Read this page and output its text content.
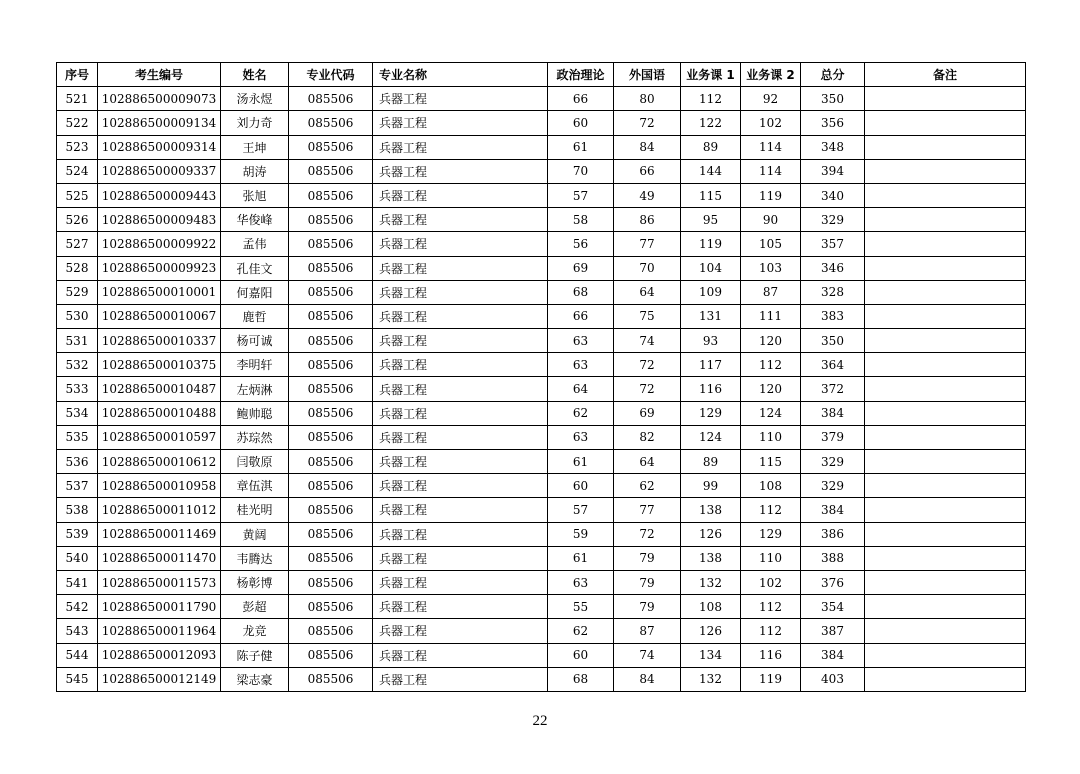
序号	考生编号	姓名	专业代码	专业名称	政治理论	外国语	业务课 1	业务课 2	总分	备注
521	102886500009073	汤永煜	085506	兵器工程	66	80	112	92	350	
522	102886500009134	刘力奇	085506	兵器工程	60	72	122	102	356	
523	102886500009314	王坤	085506	兵器工程	61	84	89	114	348	
524	102886500009337	胡涛	085506	兵器工程	70	66	144	114	394	
525	102886500009443	张旭	085506	兵器工程	57	49	115	119	340	
526	102886500009483	华俊峰	085506	兵器工程	58	86	95	90	329	
527	102886500009922	孟伟	085506	兵器工程	56	77	119	105	357	
528	102886500009923	孔佳文	085506	兵器工程	69	70	104	103	346	
529	102886500010001	何嘉阳	085506	兵器工程	68	64	109	87	328	
530	102886500010067	鹿哲	085506	兵器工程	66	75	131	111	383	
531	102886500010337	杨可诚	085506	兵器工程	63	74	93	120	350	
532	102886500010375	李明轩	085506	兵器工程	63	72	117	112	364	
533	102886500010487	左炳淋	085506	兵器工程	64	72	116	120	372	
534	102886500010488	鲍帅聪	085506	兵器工程	62	69	129	124	384	
535	102886500010597	苏琮然	085506	兵器工程	63	82	124	110	379	
536	102886500010612	闫敬原	085506	兵器工程	61	64	89	115	329	
537	102886500010958	章伍淇	085506	兵器工程	60	62	99	108	329	
538	102886500011012	桂光明	085506	兵器工程	57	77	138	112	384	
539	102886500011469	黄阔	085506	兵器工程	59	72	126	129	386	
540	102886500011470	韦腾达	085506	兵器工程	61	79	138	110	388	
541	102886500011573	杨彰博	085506	兵器工程	63	79	132	102	376	
542	102886500011790	彭超	085506	兵器工程	55	79	108	112	354	
543	102886500011964	龙竞	085506	兵器工程	62	87	126	112	387	
544	102886500012093	陈子健	085506	兵器工程	60	74	134	116	384	
545	102886500012149	梁志豪	085506	兵器工程	68	84	132	119	403	
22
